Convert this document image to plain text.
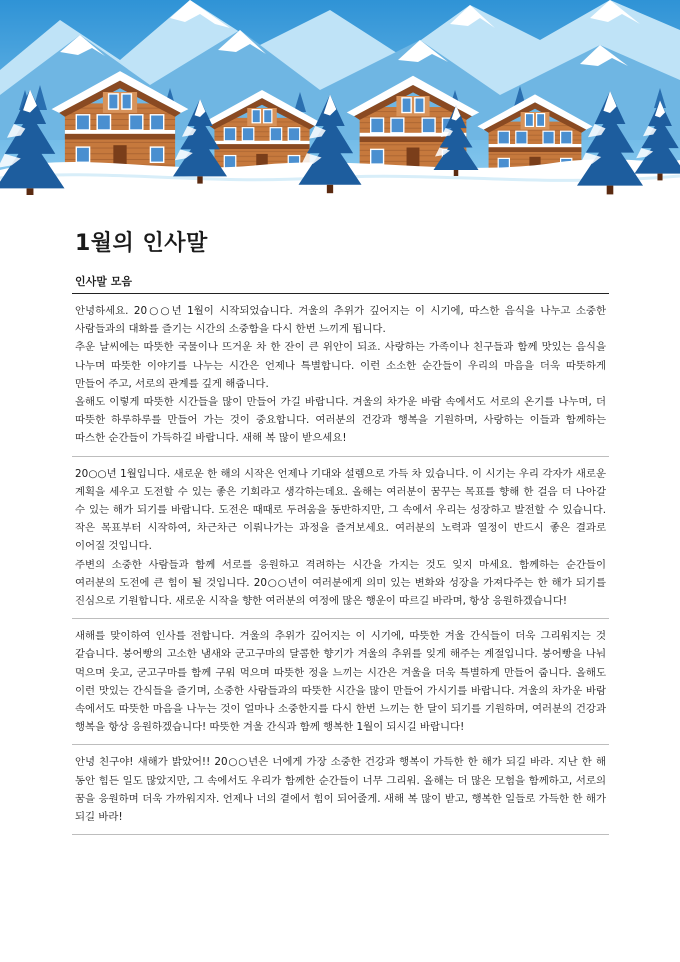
1월의 인사말
인사말 모음

안녕하세요. 20○○년 1월이 시작되었습니다. 겨울의 추위가 깊어지는 이 시기에, 따스한 음식을 나누고 소중한 사람들과의 대화를 즐기는 시간의 소중함을 다시 한번 느끼게 됩니다.

추운 날씨에는 따뜻한 국물이나 뜨거운 차 한 잔이 큰 위안이 되죠. 사랑하는 가족이나 친구들과 함께 맛있는 음식을 나누며 따뜻한 이야기를 나누는 시간은 언제나 특별합니다. 이런 소소한 순간들이 우리의 마음을 더욱 따뜻하게 만들어 주고, 서로의 관계를 깊게 해줍니다.

올해도 이렇게 따뜻한 시간들을 많이 만들어 가길 바랍니다. 겨울의 차가운 바람 속에서도 서로의 온기를 나누며, 더 따뜻한 하루하루를 만들어 가는 것이 중요합니다. 여러분의 건강과 행복을 기원하며, 사랑하는 이들과 함께하는 따스한 순간들이 가득하길 바랍니다. 새해 복 많이 받으세요!

20○○년 1월입니다. 새로운 한 해의 시작은 언제나 기대와 설렘으로 가득 차 있습니다. 이 시기는 우리 각자가 새로운 계획을 세우고 도전할 수 있는 좋은 기회라고 생각하는데요. 올해는 여러분이 꿈꾸는 목표를 향해 한 걸음 더 나아갈 수 있는 해가 되기를 바랍니다. 도전은 때때로 두려움을 동반하지만, 그 속에서 우리는 성장하고 발전할 수 있습니다. 작은 목표부터 시작하여, 차근차근 이뤄나가는 과정을 즐겨보세요. 여러분의 노력과 열정이 반드시 좋은 결과로 이어질 것입니다.

주변의 소중한 사람들과 함께 서로를 응원하고 격려하는 시간을 가지는 것도 잊지 마세요. 함께하는 순간들이 여러분의 도전에 큰 힘이 될 것입니다. 20○○년이 여러분에게 의미 있는 변화와 성장을 가져다주는 한 해가 되기를 진심으로 기원합니다. 새로운 시작을 향한 여러분의 여정에 많은 행운이 따르길 바라며, 항상 응원하겠습니다!

새해를 맞이하여 인사를 전합니다. 겨울의 추위가 깊어지는 이 시기에, 따뜻한 겨울 간식들이 더욱 그리워지는 것 같습니다. 붕어빵의 고소한 냄새와 군고구마의 달콤한 향기가 겨울의 추위를 잊게 해주는 계절입니다. 붕어빵을 나눠 먹으며 웃고, 군고구마를 함께 구워 먹으며 따뜻한 정을 느끼는 시간은 겨울을 더욱 특별하게 만들어 줍니다. 올해도 이런 맛있는 간식들을 즐기며, 소중한 사람들과의 따뜻한 시간을 많이 만들어 가시기를 바랍니다. 겨울의 차가운 바람 속에서도 따뜻한 마음을 나누는 것이 얼마나 소중한지를 다시 한번 느끼는 한 달이 되기를 기원하며, 여러분의 건강과 행복을 항상 응원하겠습니다! 따뜻한 겨울 간식과 함께 행복한 1월이 되시길 바랍니다!

안녕 친구야! 새해가 밝았어!! 20○○년은 너에게 가장 소중한 건강과 행복이 가득한 한 해가 되길 바라. 지난 한 해 동안 힘든 일도 많았지만, 그 속에서도 우리가 함께한 순간들이 너무 그리워. 올해는 더 많은 모험을 함께하고, 서로의 꿈을 응원하며 더욱 가까워지자. 언제나 너의 곁에서 힘이 되어줄게. 새해 복 많이 받고, 행복한 일들로 가득한 한 해가 되길 바라!
